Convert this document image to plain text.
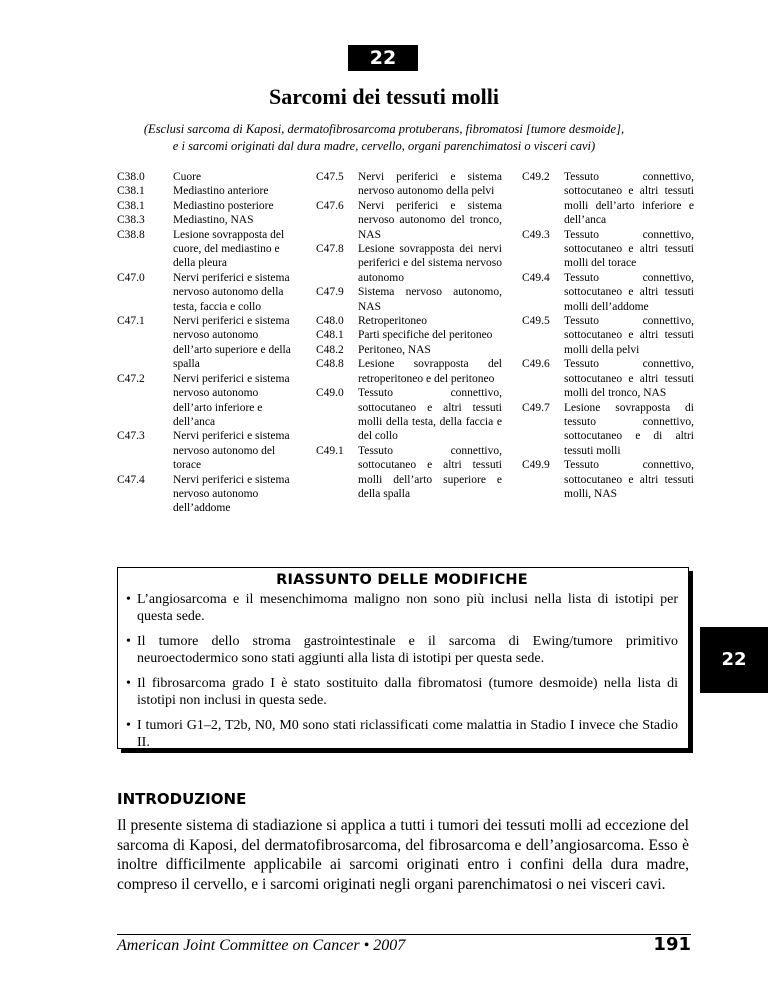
22
Sarcomi dei tessuti molli

(Esclusi sarcoma di Kaposi, dermatofibrosarcoma protuberans, fibromatosi [tumore desmoide],
e i sarcomi originati dal dura madre, cervello, organi parenchimatosi o visceri cavi)

C38.0 Cuore
C38.1 Mediastino anteriore
C38.1 Mediastino posteriore
C38.3 Mediastino, NAS
C38.8 Lesione sovrapposta del cuore, del mediastino e della pleura
C47.0 Nervi periferici e sistema nervoso autonomo della testa, faccia e collo
C47.1 Nervi periferici e sistema nervoso autonomo dell’arto superiore e della spalla
C47.2 Nervi periferici e sistema nervoso autonomo dell’arto inferiore e dell’anca
C47.3 Nervi periferici e sistema nervoso autonomo del torace
C47.4 Nervi periferici e sistema nervoso autonomo dell’addome
C47.5 Nervi periferici e sistema nervoso autonomo della pelvi
C47.6 Nervi periferici e sistema nervoso autonomo del tronco, NAS
C47.8 Lesione sovrapposta dei nervi periferici e del sistema nervoso autonomo
C47.9 Sistema nervoso autonomo, NAS
C48.0 Retroperitoneo
C48.1 Parti specifiche del peritoneo
C48.2 Peritoneo, NAS
C48.8 Lesione sovrapposta del retroperitoneo e del peritoneo
C49.0 Tessuto connettivo, sottocutaneo e altri tessuti molli della testa, della faccia e del collo
C49.1 Tessuto connettivo, sottocutaneo e altri tessuti molli dell’arto superiore e della spalla
C49.2 Tessuto connettivo, sottocutaneo e altri tessuti molli dell’arto inferiore e dell’anca
C49.3 Tessuto connettivo, sottocutaneo e altri tessuti molli del torace
C49.4 Tessuto connettivo, sottocutaneo e altri tessuti molli dell’addome
C49.5 Tessuto connettivo, sottocutaneo e altri tessuti molli della pelvi
C49.6 Tessuto connettivo, sottocutaneo e altri tessuti molli del tronco, NAS
C49.7 Lesione sovrapposta di tessuto connettivo, sottocutaneo e di altri tessuti molli
C49.9 Tessuto connettivo, sottocutaneo e altri tessuti molli, NAS
RIASSUNTO DELLE MODIFICHE
• L’angiosarcoma e il mesenchimoma maligno non sono più inclusi nella lista di istotipi per questa sede.
• Il tumore dello stroma gastrointestinale e il sarcoma di Ewing/tumore primitivo neuroectodermico sono stati aggiunti alla lista di istotipi per questa sede.
• Il fibrosarcoma grado I è stato sostituito dalla fibromatosi (tumore desmoide) nella lista di istotipi non inclusi in questa sede.
• I tumori G1–2, T2b, N0, M0 sono stati riclassificati come malattia in Stadio I invece che Stadio II.
22
INTRODUZIONE

Il presente sistema di stadiazione si applica a tutti i tumori dei tessuti molli ad eccezione del sarcoma di Kaposi, del dermatofibrosarcoma, del fibrosarcoma e dell’angiosarcoma. Esso è inoltre difficilmente applicabile ai sarcomi originati entro i confini della dura madre, compreso il cervello, e i sarcomi originati negli organi parenchimatosi o nei visceri cavi.

American Joint Committee on Cancer • 2007	191
